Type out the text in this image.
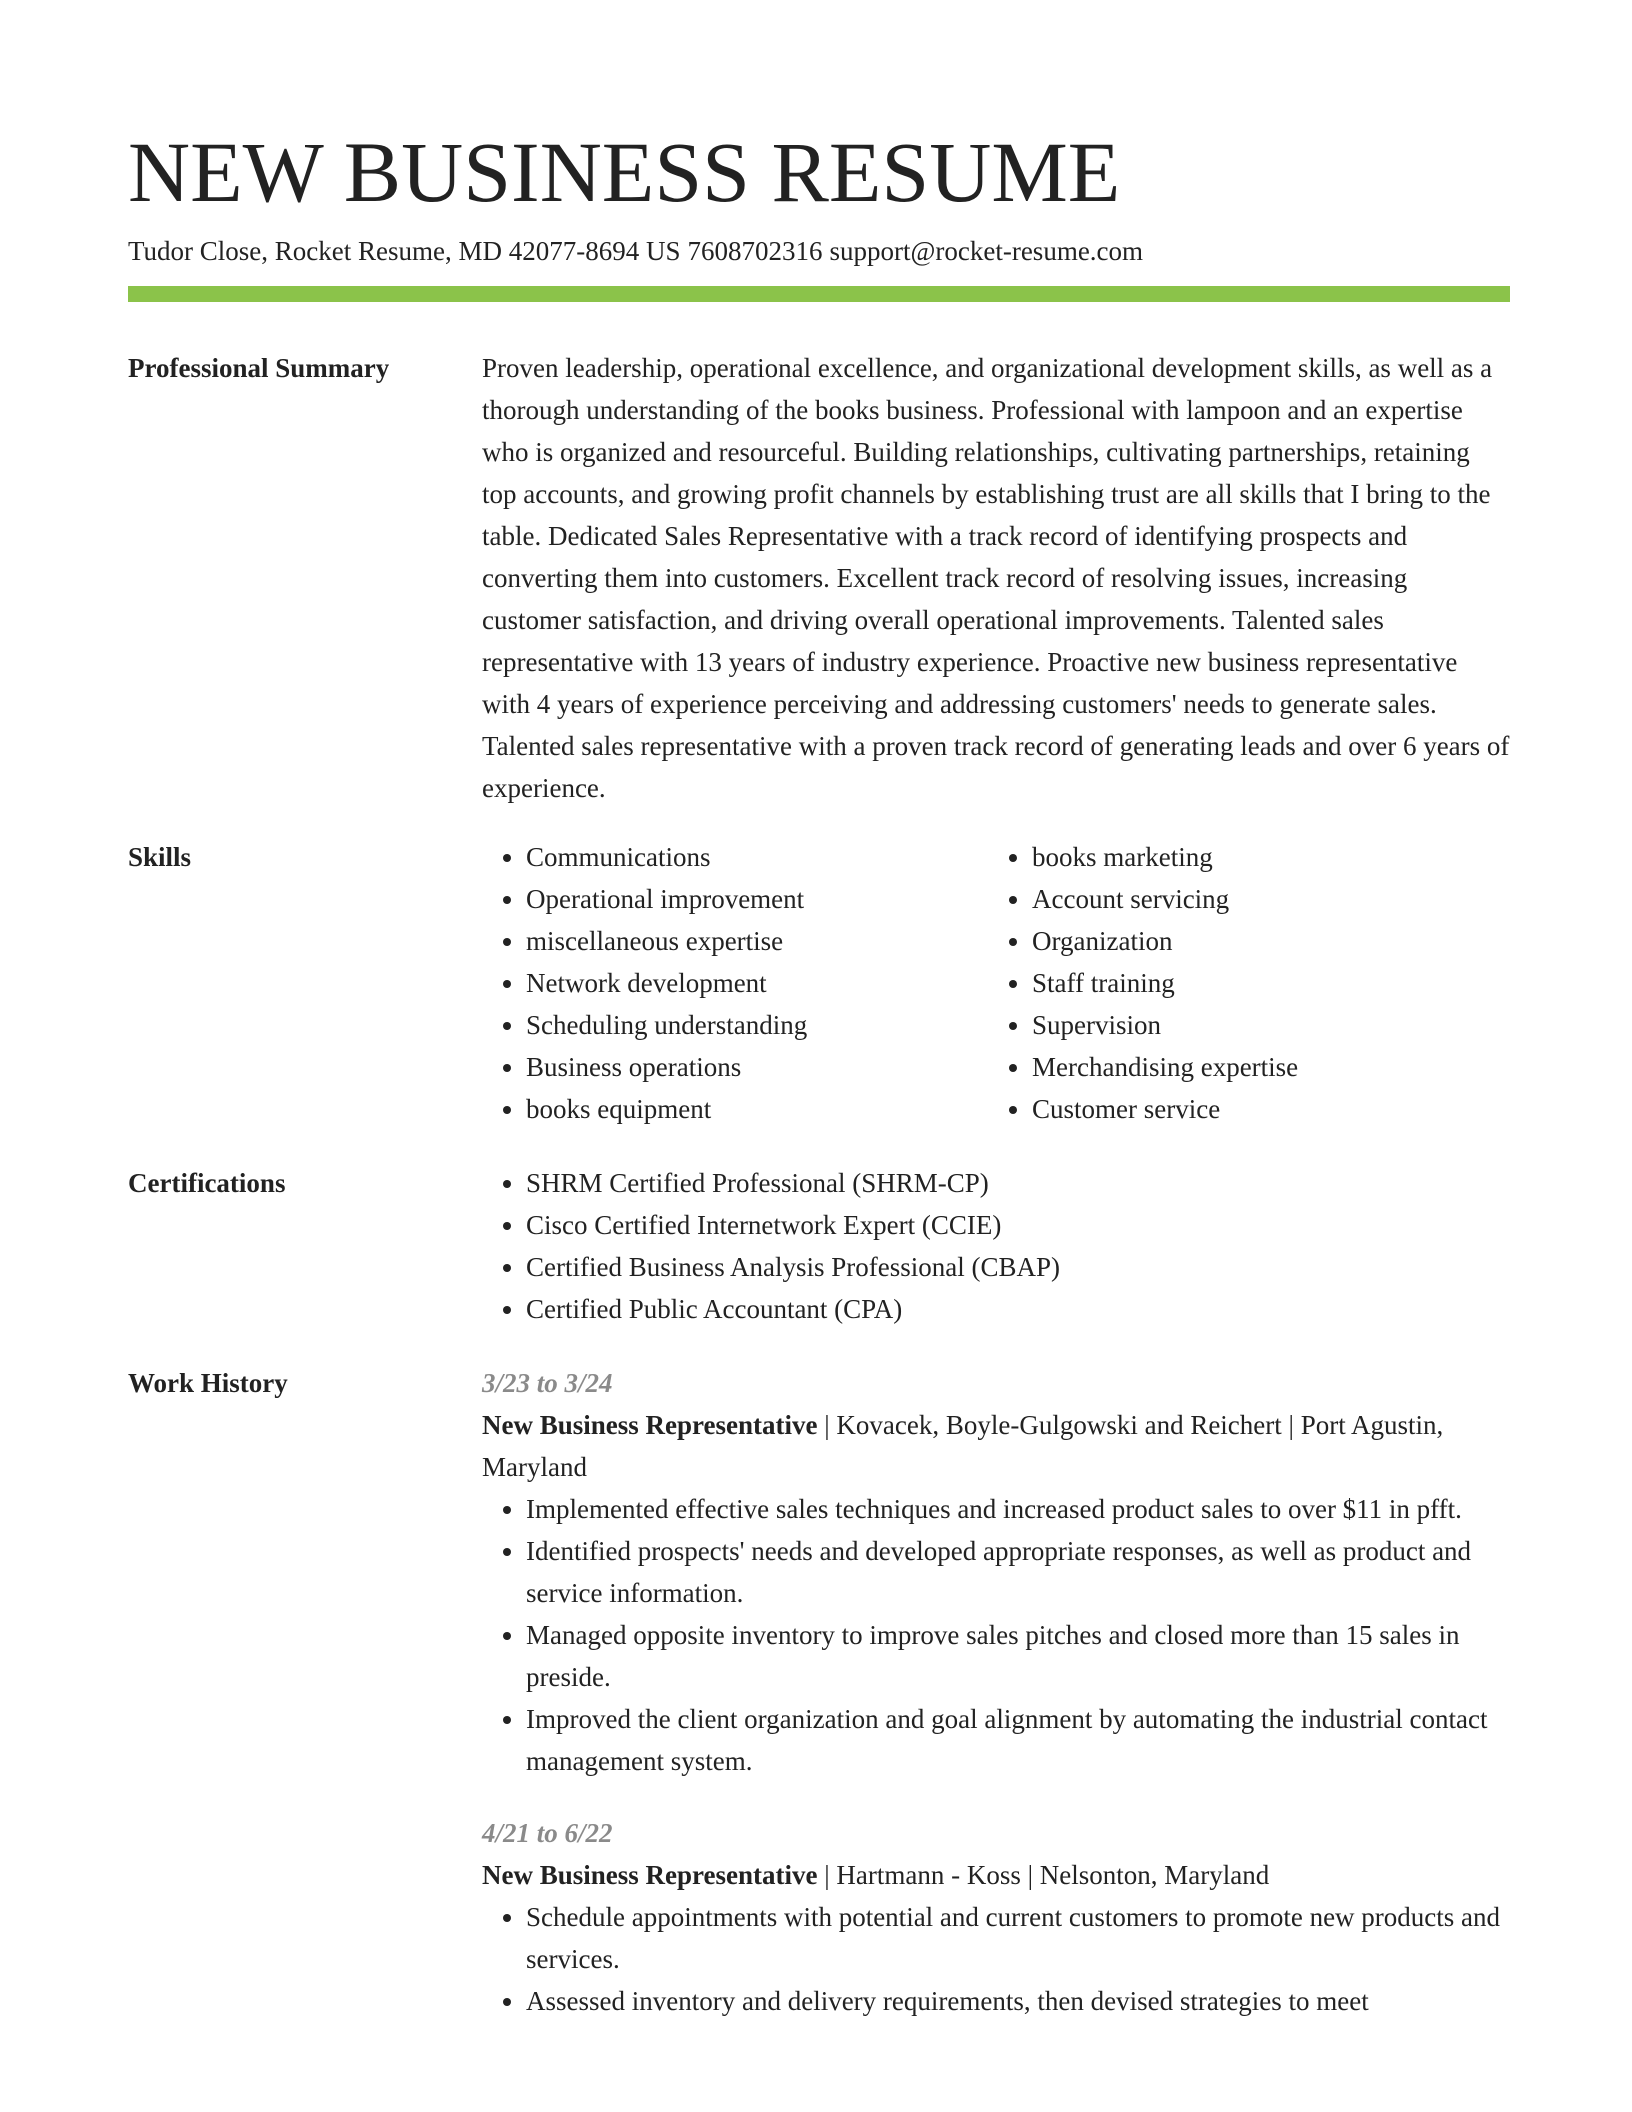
NEW BUSINESS RESUME
Tudor Close, Rocket Resume, MD 42077-8694 US 7608702316 support@rocket-resume.com
Professional Summary	Proven leadership, operational excellence, and organizational development skills, as well as a thorough understanding of the books business. Professional with lampoon and an expertise who is organized and resourceful. Building relationships, cultivating partnerships, retaining top accounts, and growing profit channels by establishing trust are all skills that I bring to the table. Dedicated Sales Representative with a track record of identifying prospects and converting them into customers. Excellent track record of resolving issues, increasing customer satisfaction, and driving overall operational improvements. Talented sales representative with 13 years of industry experience. Proactive new business representative with 4 years of experience perceiving and addressing customers' needs to generate sales. Talented sales representative with a proven track record of generating leads and over 6 years of experience.

Skills	• Communications
• Operational improvement
• miscellaneous expertise
• Network development
• Scheduling understanding
• Business operations
• books equipment
• books marketing
• Account servicing
• Organization
• Staff training
• Supervision
• Merchandising expertise
• Customer service
Certifications	• SHRM Certified Professional (SHRM-CP)
• Cisco Certified Internetwork Expert (CCIE)
• Certified Business Analysis Professional (CBAP)
• Certified Public Accountant (CPA)
Work History	3/23 to 3/24
New Business Representative | Kovacek, Boyle-Gulgowski and Reichert | Port Agustin, Maryland
• Implemented effective sales techniques and increased product sales to over $11 in pfft.
• Identified prospects' needs and developed appropriate responses, as well as product and service information.
• Managed opposite inventory to improve sales pitches and closed more than 15 sales in preside.
• Improved the client organization and goal alignment by automating the industrial contact management system.
4/21 to 6/22
New Business Representative | Hartmann - Koss | Nelsonton, Maryland
• Schedule appointments with potential and current customers to promote new products and services.
• Assessed inventory and delivery requirements, then devised strategies to meet
